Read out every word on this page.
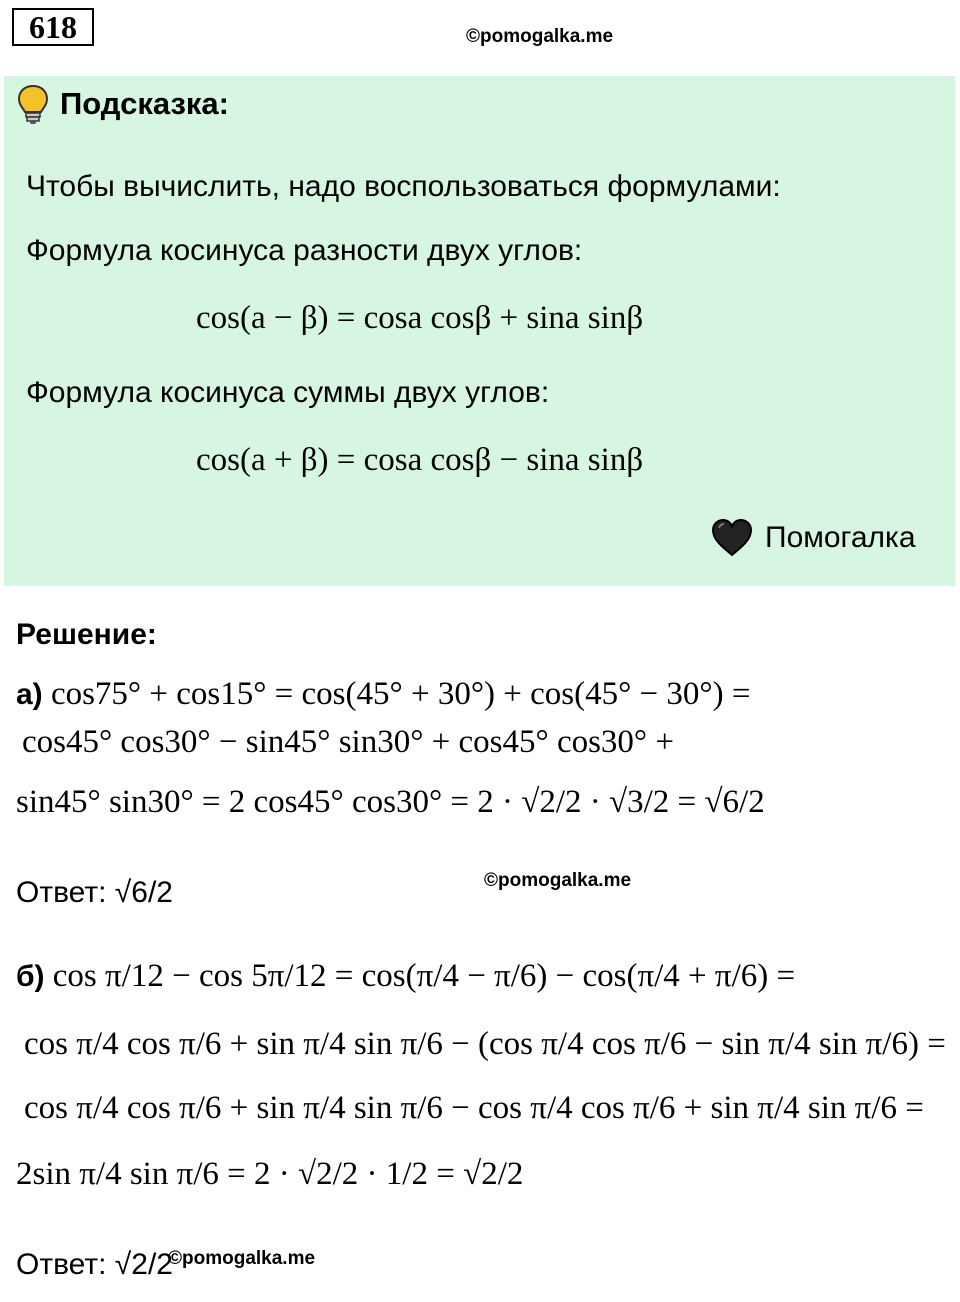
618	©pomogalka.me
Подсказка:
Чтобы вычислить, надо воспользоваться формулами:
Формула косинуса разности двух углов:
cos(a − β) = cosa cosβ + sina sinβ
Формула косинуса суммы двух углов:
cos(a + β) = cosa cosβ − sina sinβ
Помогалка
Решение:
а) cos75° + cos15° = cos(45° + 30°) + cos(45° − 30°) =
cos45° cos30° − sin45° sin30° + cos45° cos30° +
sin45° sin30° = 2 cos45° cos30° = 2 · √2/2 · √3/2 = √6/2
Ответ: √6/2	©pomogalka.me
б) cos π/12 − cos 5π/12 = cos(π/4 − π/6) − cos(π/4 + π/6) =
cos π/4 cos π/6 + sin π/4 sin π/6 − (cos π/4 cos π/6 − sin π/4 sin π/6) =
cos π/4 cos π/6 + sin π/4 sin π/6 − cos π/4 cos π/6 + sin π/4 sin π/6 =
2sin π/4 sin π/6 = 2 · √2/2 · 1/2 = √2/2
Ответ: √2/2
©pomogalka.me
